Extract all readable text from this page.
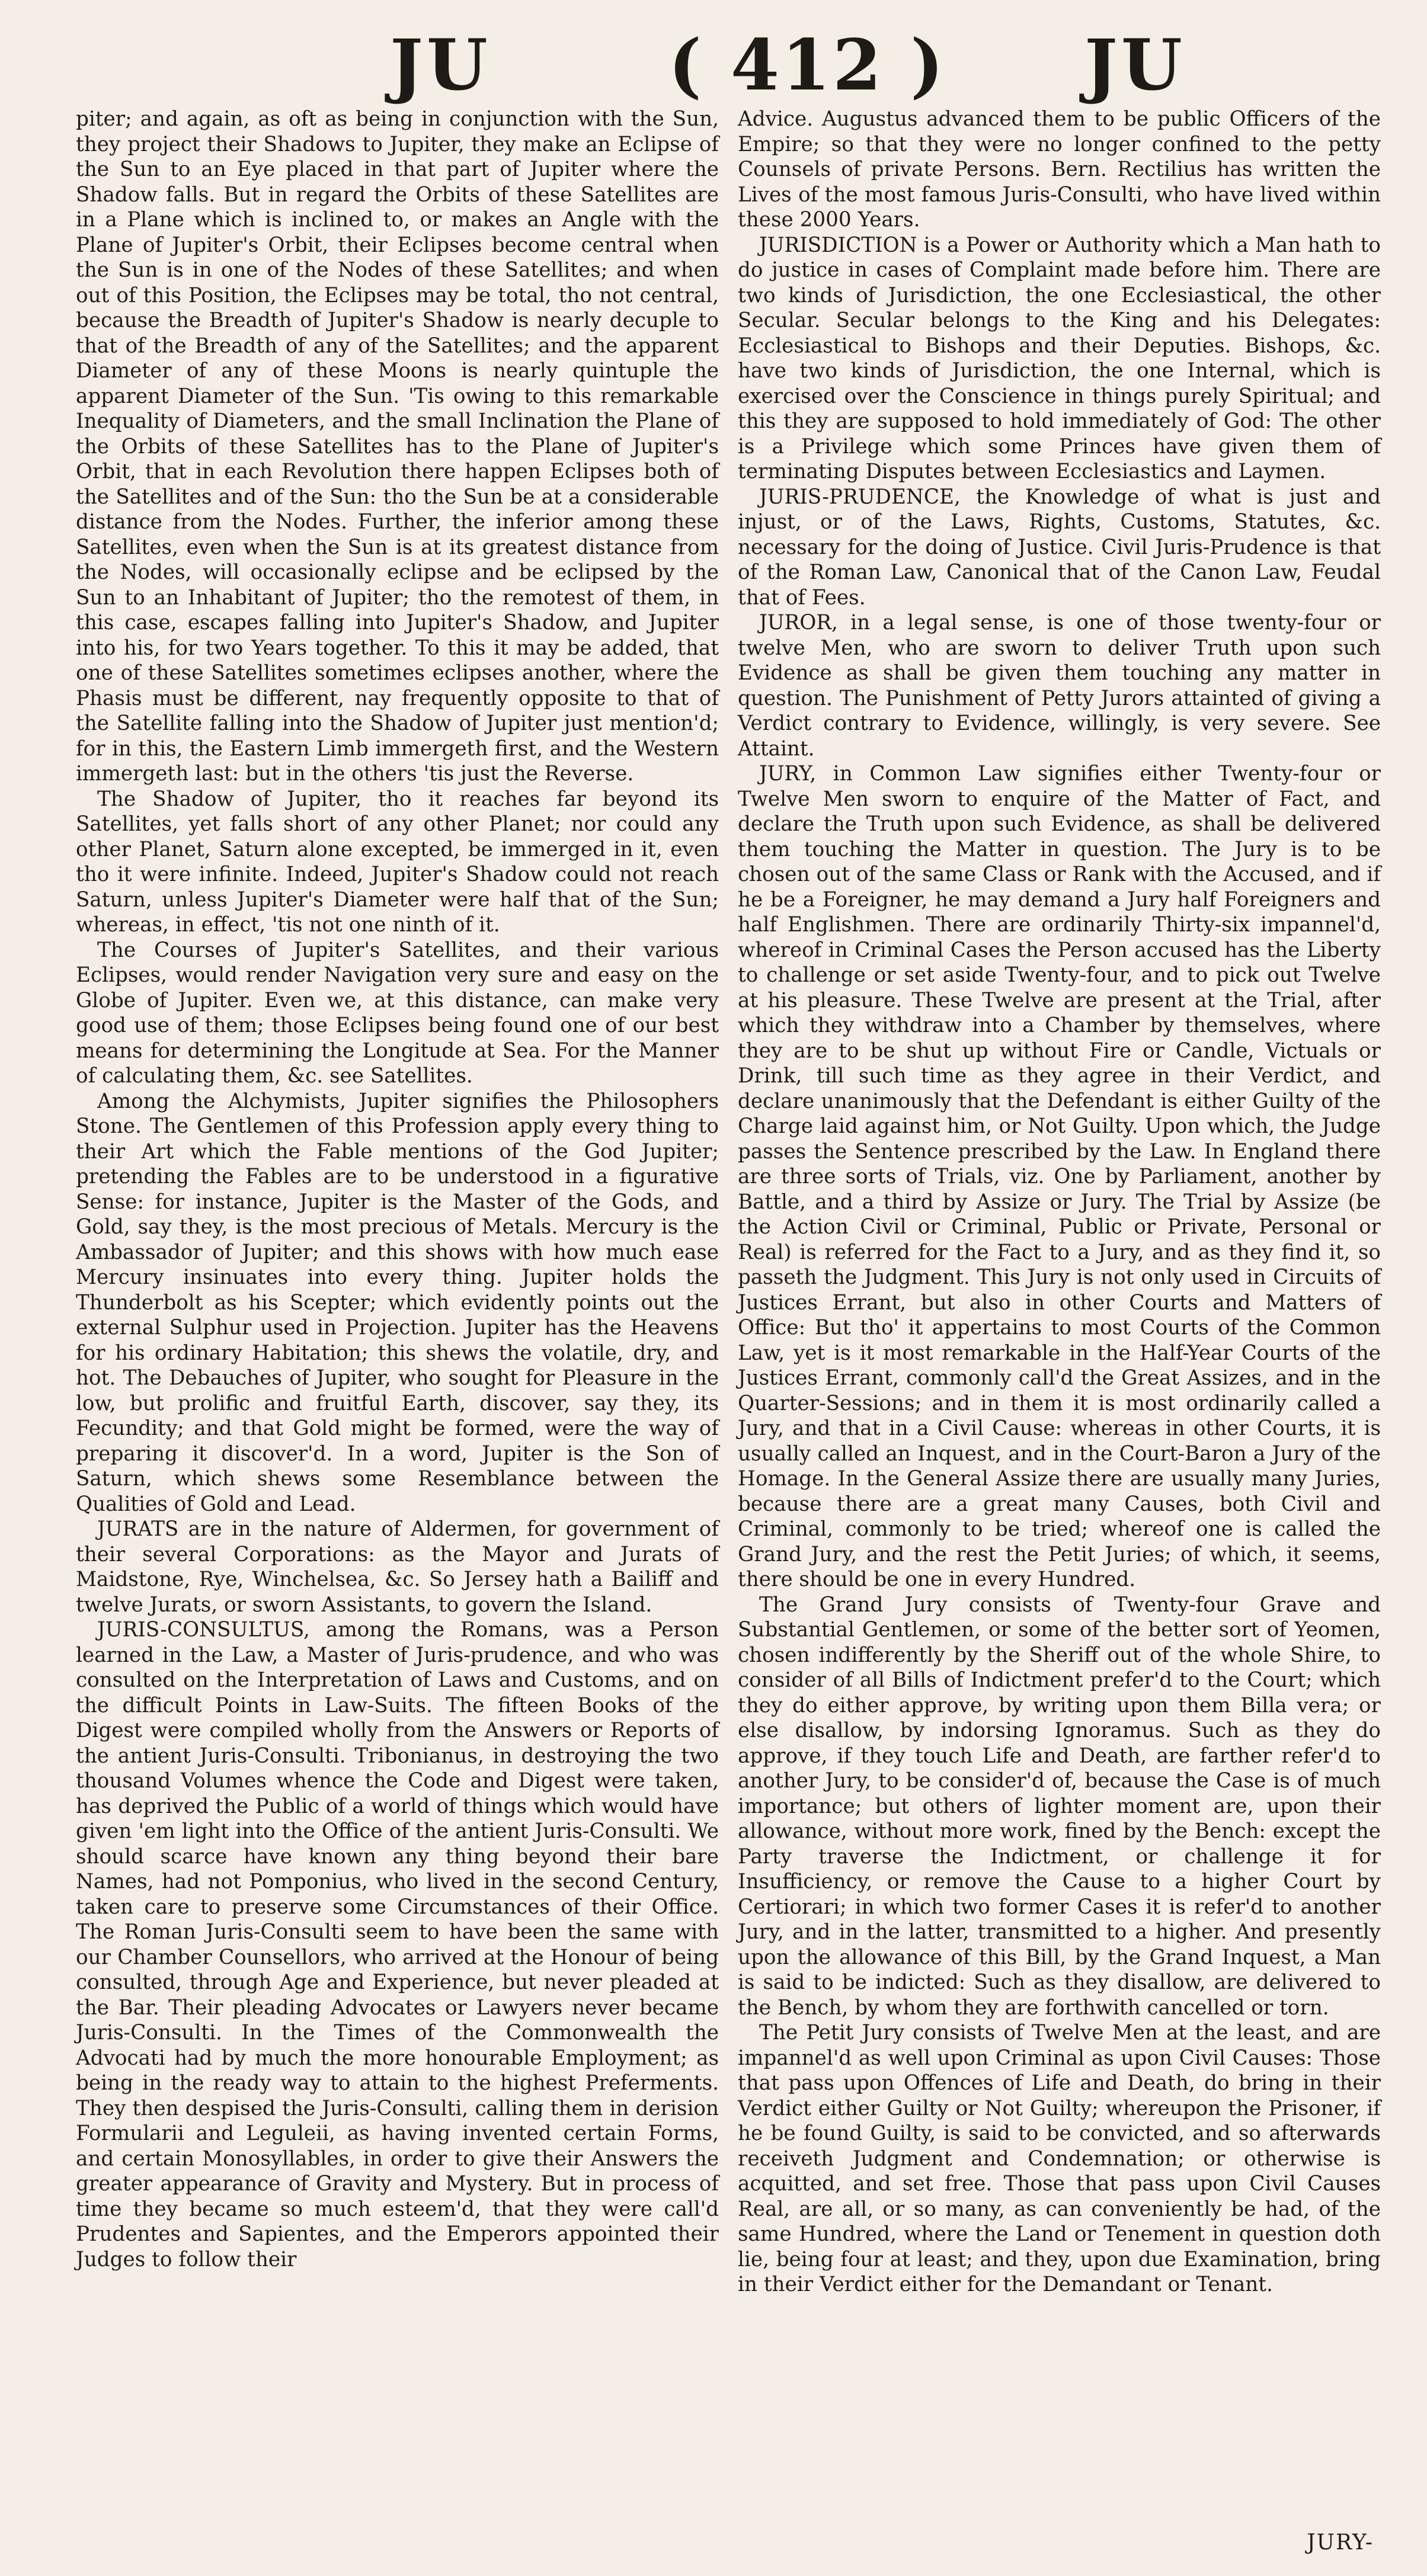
JU	( 412 ) JU

piter; and again, as oft as being in conjunction with the Sun, they project their Shadows to Jupiter, they make an Eclipse of the Sun to an Eye placed in that part of Jupiter where the Shadow falls. But in regard the Orbits of these Satellites are in a Plane which is inclined to, or makes an Angle with the Plane of Jupiter's Orbit, their Eclipses become central when the Sun is in one of the Nodes of these Satellites; and when out of this Position, the Eclipses may be total, tho not central, because the Breadth of Jupiter's Shadow is nearly decuple to that of the Breadth of any of the Satellites; and the apparent Diameter of any of these Moons is nearly quintuple the apparent Diameter of the Sun. 'Tis owing to this remarkable Inequality of Diameters, and the small Inclination the Plane of the Orbits of these Satellites has to the Plane of Jupiter's Orbit, that in each Revolution there happen Eclipses both of the Satellites and of the Sun: tho the Sun be at a considerable distance from the Nodes. Further, the inferior among these Satellites, even when the Sun is at its greatest distance from the Nodes, will occasionally eclipse and be eclipsed by the Sun to an Inhabitant of Jupiter; tho the remotest of them, in this case, escapes falling into Jupiter's Shadow, and Jupiter into his, for two Years together. To this it may be added, that one of these Satellites sometimes eclipses another, where the Phasis must be different, nay frequently opposite to that of the Satellite falling into the Shadow of Jupiter just mention'd; for in this, the Eastern Limb immergeth first, and the Western immergeth last: but in the others 'tis just the Reverse.

The Shadow of Jupiter, tho it reaches far beyond its Satellites, yet falls short of any other Planet; nor could any other Planet, Saturn alone excepted, be immerged in it, even tho it were infinite. Indeed, Jupiter's Shadow could not reach Saturn, unless Jupiter's Diameter were half that of the Sun; whereas, in effect, 'tis not one ninth of it.

The Courses of Jupiter's Satellites, and their various Eclipses, would render Navigation very sure and easy on the Globe of Jupiter. Even we, at this distance, can make very good use of them; those Eclipses being found one of our best means for determining the Longitude at Sea. For the Manner of calculating them, &c. see Satellites.

Among the Alchymists, Jupiter signifies the Philosophers Stone. The Gentlemen of this Profession apply every thing to their Art which the Fable mentions of the God Jupiter; pretending the Fables are to be understood in a figurative Sense: for instance, Jupiter is the Master of the Gods, and Gold, say they, is the most precious of Metals. Mercury is the Ambassador of Jupiter; and this shows with how much ease Mercury insinuates into every thing. Jupiter holds the Thunderbolt as his Scepter; which evidently points out the external Sulphur used in Projection. Jupiter has the Heavens for his ordinary Habitation; this shews the volatile, dry, and hot. The Debauches of Jupiter, who sought for Pleasure in the low, but prolific and fruitful Earth, discover, say they, its Fecundity; and that Gold might be formed, were the way of preparing it discover'd. In a word, Jupiter is the Son of Saturn, which shews some Resemblance between the Qualities of Gold and Lead.

JURATS are in the nature of Aldermen, for government of their several Corporations: as the Mayor and Jurats of Maidstone, Rye, Winchelsea, &c. So Jersey hath a Bailiff and twelve Jurats, or sworn Assistants, to govern the Island.

JURIS-CONSULTUS, among the Romans, was a Person learned in the Law, a Master of Juris-prudence, and who was consulted on the Interpretation of Laws and Customs, and on the difficult Points in Law-Suits. The fifteen Books of the Digest were compiled wholly from the Answers or Reports of the antient Juris-Consulti. Tribonianus, in destroying the two thousand Volumes whence the Code and Digest were taken, has deprived the Public of a world of things which would have given 'em light into the Office of the antient Juris-Consulti. We should scarce have known any thing beyond their bare Names, had not Pomponius, who lived in the second Century, taken care to preserve some Circumstances of their Office. The Roman Juris-Consulti seem to have been the same with our Chamber Counsellors, who arrived at the Honour of being consulted, through Age and Experience, but never pleaded at the Bar. Their pleading Advocates or Lawyers never became Juris-Consulti. In the Times of the Commonwealth the Advocati had by much the more honourable Employment; as being in the ready way to attain to the highest Preferments. They then despised the Juris-Consulti, calling them in derision Formularii and Leguleii, as having invented certain Forms, and certain Monosyllables, in order to give their Answers the greater appearance of Gravity and Mystery. But in process of time they became so much esteem'd, that they were call'd Prudentes and Sapientes, and the Emperors appointed their Judges to follow their

Advice. Augustus advanced them to be public Officers of the Empire; so that they were no longer confined to the petty Counsels of private Persons. Bern. Rectilius has written the Lives of the most famous Juris-Consulti, who have lived within these 2000 Years.

JURISDICTION is a Power or Authority which a Man hath to do justice in cases of Complaint made before him. There are two kinds of Jurisdiction, the one Ecclesiastical, the other Secular. Secular belongs to the King and his Delegates: Ecclesiastical to Bishops and their Deputies. Bishops, &c. have two kinds of Jurisdiction, the one Internal, which is exercised over the Conscience in things purely Spiritual; and this they are supposed to hold immediately of God: The other is a Privilege which some Princes have given them of terminating Disputes between Ecclesiastics and Laymen.

JURIS-PRUDENCE, the Knowledge of what is just and injust, or of the Laws, Rights, Customs, Statutes, &c. necessary for the doing of Justice. Civil Juris-Prudence is that of the Roman Law, Canonical that of the Canon Law, Feudal that of Fees.

JUROR, in a legal sense, is one of those twenty-four or twelve Men, who are sworn to deliver Truth upon such Evidence as shall be given them touching any matter in question. The Punishment of Petty Jurors attainted of giving a Verdict contrary to Evidence, willingly, is very severe. See Attaint.

JURY, in Common Law signifies either Twenty-four or Twelve Men sworn to enquire of the Matter of Fact, and declare the Truth upon such Evidence, as shall be delivered them touching the Matter in question. The Jury is to be chosen out of the same Class or Rank with the Accused, and if he be a Foreigner, he may demand a Jury half Foreigners and half Englishmen. There are ordinarily Thirty-six impannel'd, whereof in Criminal Cases the Person accused has the Liberty to challenge or set aside Twenty-four, and to pick out Twelve at his pleasure. These Twelve are present at the Trial, after which they withdraw into a Chamber by themselves, where they are to be shut up without Fire or Candle, Victuals or Drink, till such time as they agree in their Verdict, and declare unanimously that the Defendant is either Guilty of the Charge laid against him, or Not Guilty. Upon which, the Judge passes the Sentence prescribed by the Law. In England there are three sorts of Trials, viz. One by Parliament, another by Battle, and a third by Assize or Jury. The Trial by Assize (be the Action Civil or Criminal, Public or Private, Personal or Real) is referred for the Fact to a Jury, and as they find it, so passeth the Judgment. This Jury is not only used in Circuits of Justices Errant, but also in other Courts and Matters of Office: But tho' it appertains to most Courts of the Common Law, yet is it most remarkable in the Half-Year Courts of the Justices Errant, commonly call'd the Great Assizes, and in the Quarter-Sessions; and in them it is most ordinarily called a Jury, and that in a Civil Cause: whereas in other Courts, it is usually called an Inquest, and in the Court-Baron a Jury of the Homage. In the General Assize there are usually many Juries, because there are a great many Causes, both Civil and Criminal, commonly to be tried; whereof one is called the Grand Jury, and the rest the Petit Juries; of which, it seems, there should be one in every Hundred.

The Grand Jury consists of Twenty-four Grave and Substantial Gentlemen, or some of the better sort of Yeomen, chosen indifferently by the Sheriff out of the whole Shire, to consider of all Bills of Indictment prefer'd to the Court; which they do either approve, by writing upon them Billa vera; or else disallow, by indorsing Ignoramus. Such as they do approve, if they touch Life and Death, are farther refer'd to another Jury, to be consider'd of, because the Case is of much importance; but others of lighter moment are, upon their allowance, without more work, fined by the Bench: except the Party traverse the Indictment, or challenge it for Insufficiency, or remove the Cause to a higher Court by Certiorari; in which two former Cases it is refer'd to another Jury, and in the latter, transmitted to a higher. And presently upon the allowance of this Bill, by the Grand Inquest, a Man is said to be indicted: Such as they disallow, are delivered to the Bench, by whom they are forthwith cancelled or torn.

The Petit Jury consists of Twelve Men at the least, and are impannel'd as well upon Criminal as upon Civil Causes: Those that pass upon Offences of Life and Death, do bring in their Verdict either Guilty or Not Guilty; whereupon the Prisoner, if he be found Guilty, is said to be convicted, and so afterwards receiveth Judgment and Condemnation; or otherwise is acquitted, and set free. Those that pass upon Civil Causes Real, are all, or so many, as can conveniently be had, of the same Hundred, where the Land or Tenement in question doth lie, being four at least; and they, upon due Examination, bring in their Verdict either for the Demandant or Tenant.

JURY-
